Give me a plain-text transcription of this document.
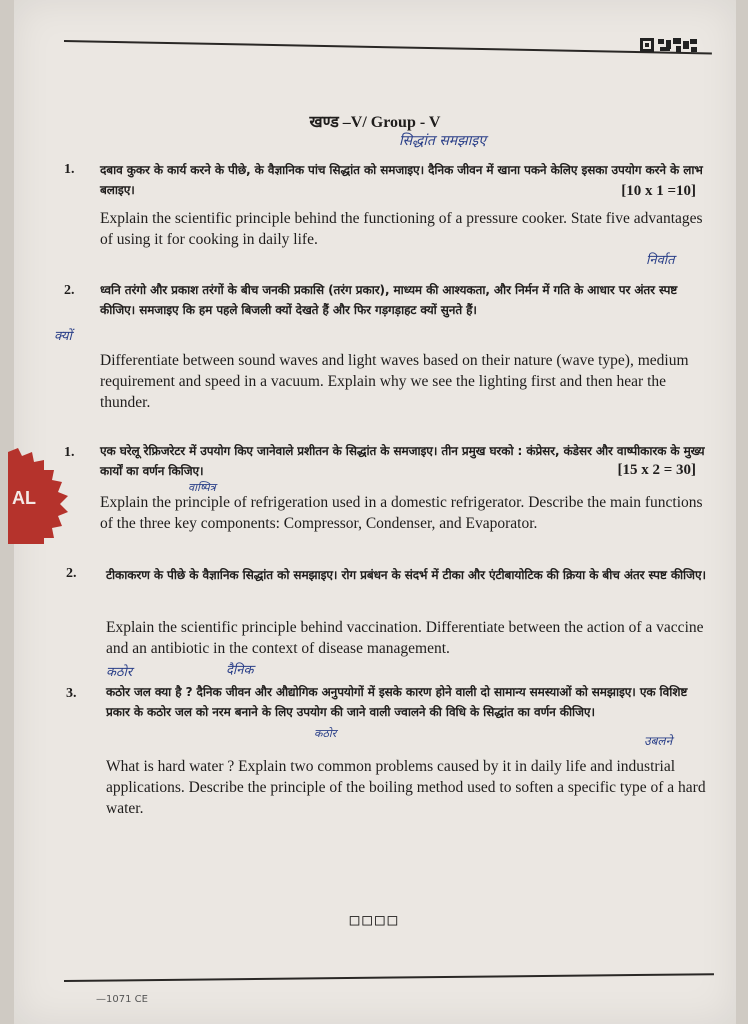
खण्ड –V/ Group - V
सिद्धांत समझाइए
1. दबाव कुकर के कार्य करने के पीछे, के वैज्ञानिक पांच सिद्धांत को समजाइए। दैनिक जीवन में खाना पकने केलिए इसका उपयोग करने के लाभ बलाइए।	[10 x 1 =10]
Explain the scientific principle behind the functioning of a pressure cooker. State five advantages of using it for cooking in daily life.
निर्वात
2. ध्वनि तरंगो और प्रकाश तरंगों के बीच जनकी प्रकासि (तरंग प्रकार), माध्यम की आश्यकता, और निर्मन में गति के आधार पर अंतर स्पष्ट कीजिए। समजाइए कि हम पहले बिजली क्यों देखते हैं और फिर गड़गड़ाहट क्यों सुनते हैं।
क्यों
Differentiate between sound waves and light waves based on their nature (wave type), medium requirement and speed in a vacuum. Explain why we see the lighting first and then hear the thunder.
AL
1. एक घरेलू रेफ्रिजरेटर में उपयोग किए जानेवाले प्रशीतन के सिद्धांत के समजाइए। तीन प्रमुख घरको : कंप्रेसर, कंडेसर और वाष्पीकारक के मुख्य कार्यों का वर्णन किजिए।	[15 x 2 = 30]
वाष्पित्र
Explain the principle of refrigeration used in a domestic refrigerator. Describe the main functions of the three key components: Compressor, Condenser, and Evaporator.
2. टीकाकरण के पीछे के वैज्ञानिक सिद्धांत को समझाइए। रोग प्रबंधन के संदर्भ में टीका और एंटीबायोटिक की क्रिया के बीच अंतर स्पष्ट कीजिए।
Explain the scientific principle behind vaccination. Differentiate between the action of a vaccine and an antibiotic in the context of disease management.
कठोर	दैनिक
3. कठोर जल क्या है ? दैनिक जीवन और औद्योगिक अनुपयोगों में इसके कारण होने वाली दो सामान्य समस्याओं को समझाइए। एक विशिष्ट प्रकार के कठोर जल को नरम बनाने के लिए उपयोग की जाने वाली ज्वालने की विधि के सिद्धांत का वर्णन कीजिए।
कठोर
उबलने
What is hard water ? Explain two common problems caused by it in daily life and industrial applications. Describe the principle of the boiling method used to soften a specific type of a hard water.
□□□□
—1071 CE
